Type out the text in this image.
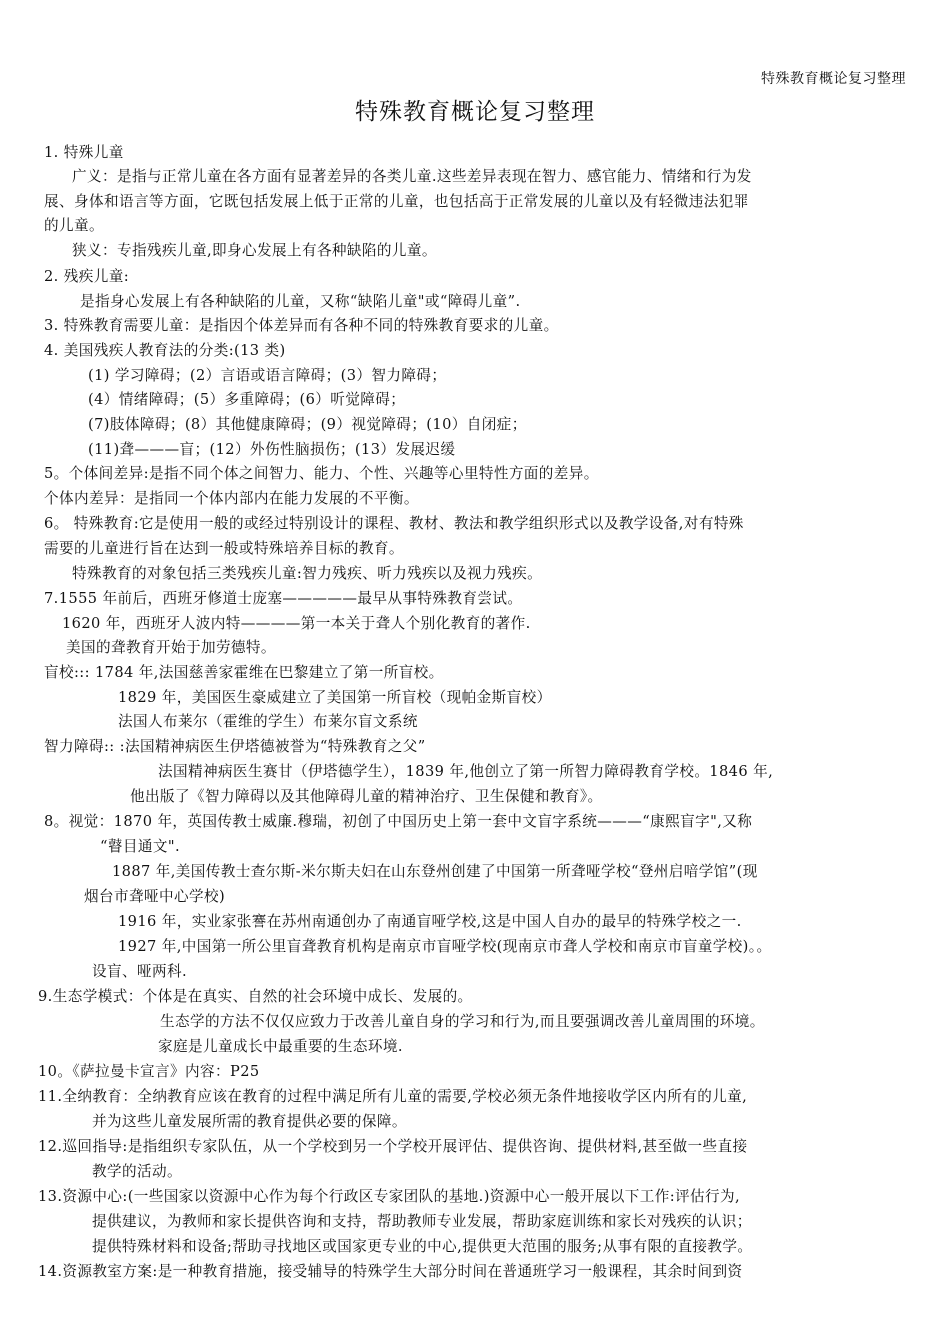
特殊教育概论复习整理
特殊教育概论复习整理
1. 特殊儿童
广义：是指与正常儿童在各方面有显著差异的各类儿童.这些差异表现在智力、感官能力、情绪和行为发
展、身体和语言等方面，它既包括发展上低于正常的儿童，也包括高于正常发展的儿童以及有轻微违法犯罪
的儿童。
狭义：专指残疾儿童,即身心发展上有各种缺陷的儿童。
2. 残疾儿童:
是指身心发展上有各种缺陷的儿童，又称“缺陷儿童"或“障碍儿童”.
3. 特殊教育需要儿童：是指因个体差异而有各种不同的特殊教育要求的儿童。
4. 美国残疾人教育法的分类:(13 类)
(1) 学习障碍；(2）言语或语言障碍；(3）智力障碍；
(4）情绪障碍；(5）多重障碍；(6）听觉障碍；
(7)肢体障碍；(8）其他健康障碍；(9）视觉障碍；(10）自闭症；
(11)聋———盲；(12）外伤性脑损伤；(13）发展迟缓
5。个体间差异:是指不同个体之间智力、能力、个性、兴趣等心里特性方面的差异。
个体内差异：是指同一个体内部内在能力发展的不平衡。
6。 特殊教育:它是使用一般的或经过特别设计的课程、教材、教法和教学组织形式以及教学设备,对有特殊
需要的儿童进行旨在达到一般或特殊培养目标的教育。
特殊教育的对象包括三类残疾儿童:智力残疾、听力残疾以及视力残疾。
7.1555 年前后，西班牙修道士庞塞—————最早从事特殊教育尝试。
1620 年，西班牙人波内特————第一本关于聋人个别化教育的著作.
美国的聋教育开始于加劳德特。
盲校::: 1784 年,法国慈善家霍维在巴黎建立了第一所盲校。
1829 年，美国医生豪威建立了美国第一所盲校（现帕金斯盲校）
法国人布莱尔（霍维的学生）布莱尔盲文系统
智力障碍:: :法国精神病医生伊塔德被誉为“特殊教育之父”
法国精神病医生赛甘（伊塔德学生），1839 年,他创立了第一所智力障碍教育学校。1846 年,
他出版了《智力障碍以及其他障碍儿童的精神治疗、卫生保健和教育》。
8。视觉：1870 年，英国传教士威廉.穆瑞，初创了中国历史上第一套中文盲字系统———“康熙盲字",又称
“瞽目通文".
1887 年,美国传教士查尔斯-米尔斯夫妇在山东登州创建了中国第一所聋哑学校“登州启喑学馆”(现
烟台市聋哑中心学校)
1916 年，实业家张謇在苏州南通创办了南通盲哑学校,这是中国人自办的最早的特殊学校之一.
1927 年,中国第一所公里盲聋教育机构是南京市盲哑学校(现南京市聋人学校和南京市盲童学校)。。
设盲、哑两科.
9.生态学模式：个体是在真实、自然的社会环境中成长、发展的。
生态学的方法不仅仅应致力于改善儿童自身的学习和行为,而且要强调改善儿童周围的环境。
家庭是儿童成长中最重要的生态环境.
10。《萨拉曼卡宣言》内容：P25
11.全纳教育：全纳教育应该在教育的过程中满足所有儿童的需要,学校必须无条件地接收学区内所有的儿童,
并为这些儿童发展所需的教育提供必要的保障。
12.巡回指导:是指组织专家队伍，从一个学校到另一个学校开展评估、提供咨询、提供材料,甚至做一些直接
教学的活动。
13.资源中心:(一些国家以资源中心作为每个行政区专家团队的基地.)资源中心一般开展以下工作:评估行为,
提供建议，为教师和家长提供咨询和支持，帮助教师专业发展，帮助家庭训练和家长对残疾的认识；
提供特殊材料和设备;帮助寻找地区或国家更专业的中心,提供更大范围的服务;从事有限的直接教学。
14.资源教室方案:是一种教育措施，接受辅导的特殊学生大部分时间在普通班学习一般课程，其余时间到资
